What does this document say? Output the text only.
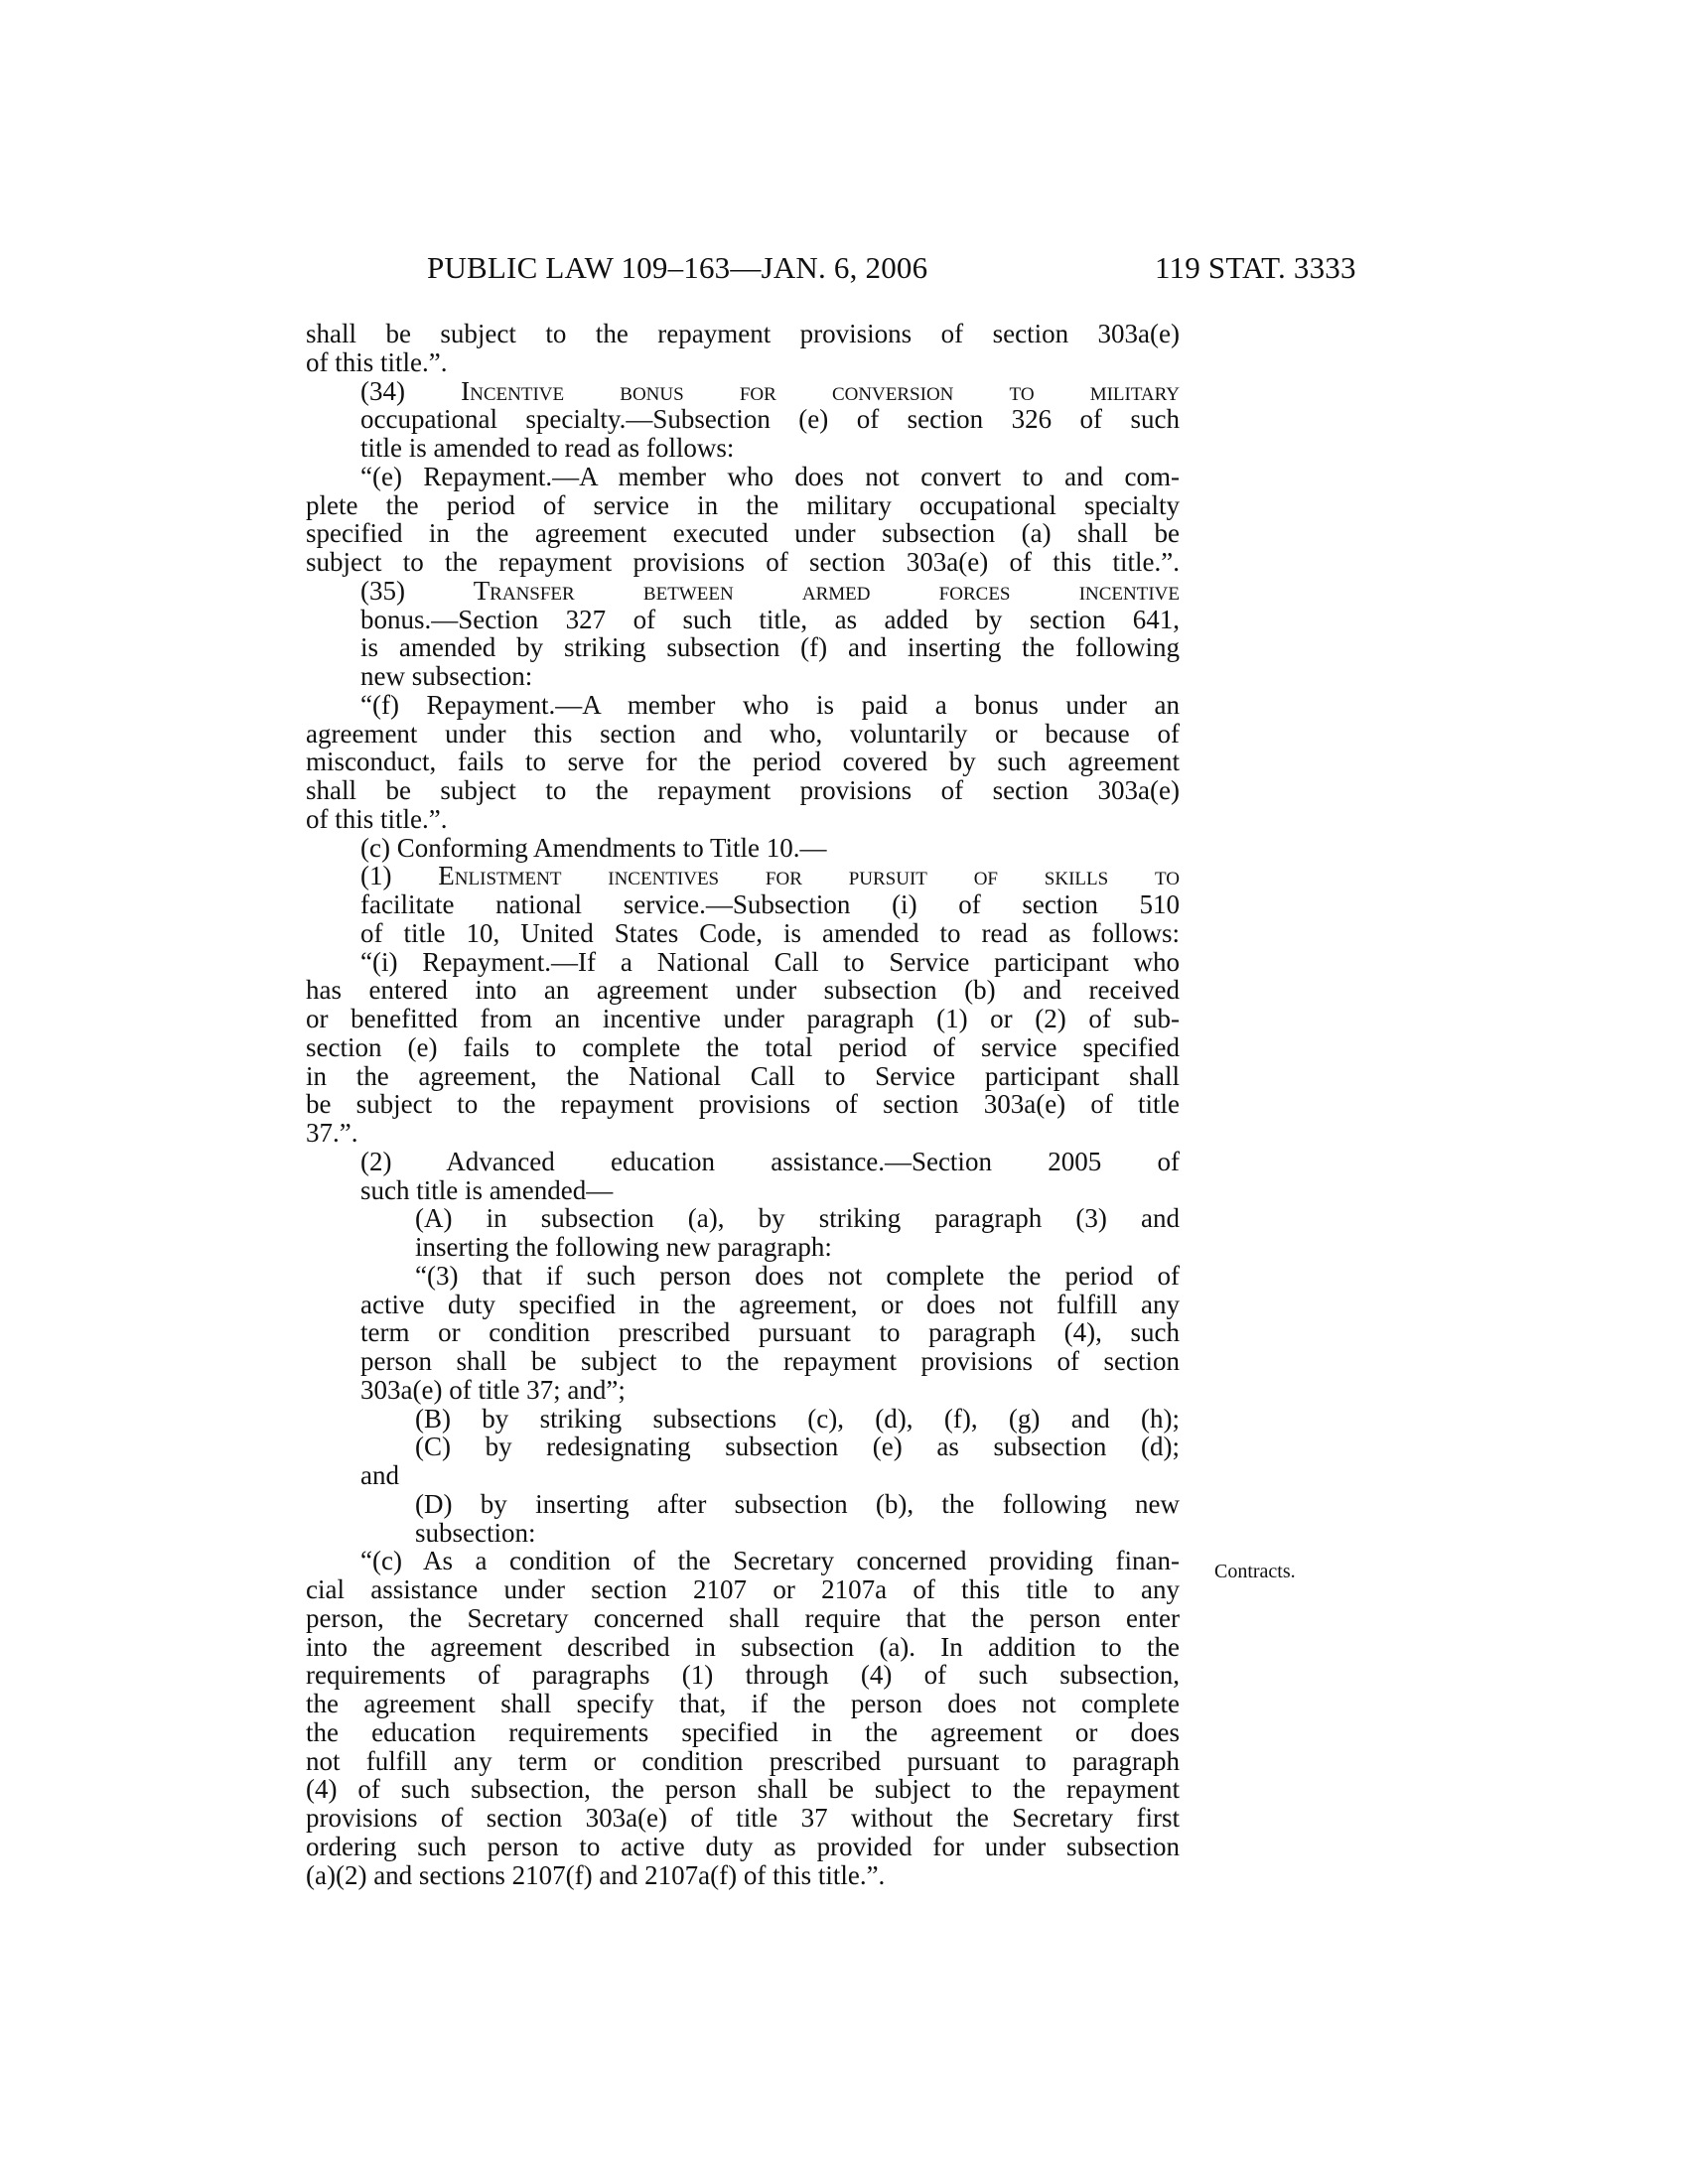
PUBLIC LAW 109–163—JAN. 6, 2006	119 STAT. 3333
shall be subject to the repayment provisions of section 303a(e)
of this title.”.
(34) Incentive bonus for conversion to military
occupational specialty.—Subsection (e) of section 326 of such
title is amended to read as follows:
“(e) Repayment.—A member who does not convert to and com-
plete the period of service in the military occupational specialty
specified in the agreement executed under subsection (a) shall be
subject to the repayment provisions of section 303a(e) of this title.”.
(35) Transfer between armed forces incentive
bonus.—Section 327 of such title, as added by section 641,
is amended by striking subsection (f) and inserting the following
new subsection:
“(f) Repayment.—A member who is paid a bonus under an
agreement under this section and who, voluntarily or because of
misconduct, fails to serve for the period covered by such agreement
shall be subject to the repayment provisions of section 303a(e)
of this title.”.
(c) Conforming Amendments to Title 10.—
(1) Enlistment incentives for pursuit of skills to
facilitate national service.—Subsection (i) of section 510
of title 10, United States Code, is amended to read as follows:
“(i) Repayment.—If a National Call to Service participant who
has entered into an agreement under subsection (b) and received
or benefitted from an incentive under paragraph (1) or (2) of sub-
section (e) fails to complete the total period of service specified
in the agreement, the National Call to Service participant shall
be subject to the repayment provisions of section 303a(e) of title
37.”.
(2) Advanced education assistance.—Section 2005 of
such title is amended—
(A) in subsection (a), by striking paragraph (3) and
inserting the following new paragraph:
“(3) that if such person does not complete the period of
active duty specified in the agreement, or does not fulfill any
term or condition prescribed pursuant to paragraph (4), such
person shall be subject to the repayment provisions of section
303a(e) of title 37; and”;
(B) by striking subsections (c), (d), (f), (g) and (h);
(C) by redesignating subsection (e) as subsection (d);
and
(D) by inserting after subsection (b), the following new
subsection:
“(c) As a condition of the Secretary concerned providing finan-
cial assistance under section 2107 or 2107a of this title to any
person, the Secretary concerned shall require that the person enter
into the agreement described in subsection (a). In addition to the
requirements of paragraphs (1) through (4) of such subsection,
the agreement shall specify that, if the person does not complete
the education requirements specified in the agreement or does
not fulfill any term or condition prescribed pursuant to paragraph
(4) of such subsection, the person shall be subject to the repayment
provisions of section 303a(e) of title 37 without the Secretary first
ordering such person to active duty as provided for under subsection
(a)(2) and sections 2107(f) and 2107a(f) of this title.”.
Contracts.
